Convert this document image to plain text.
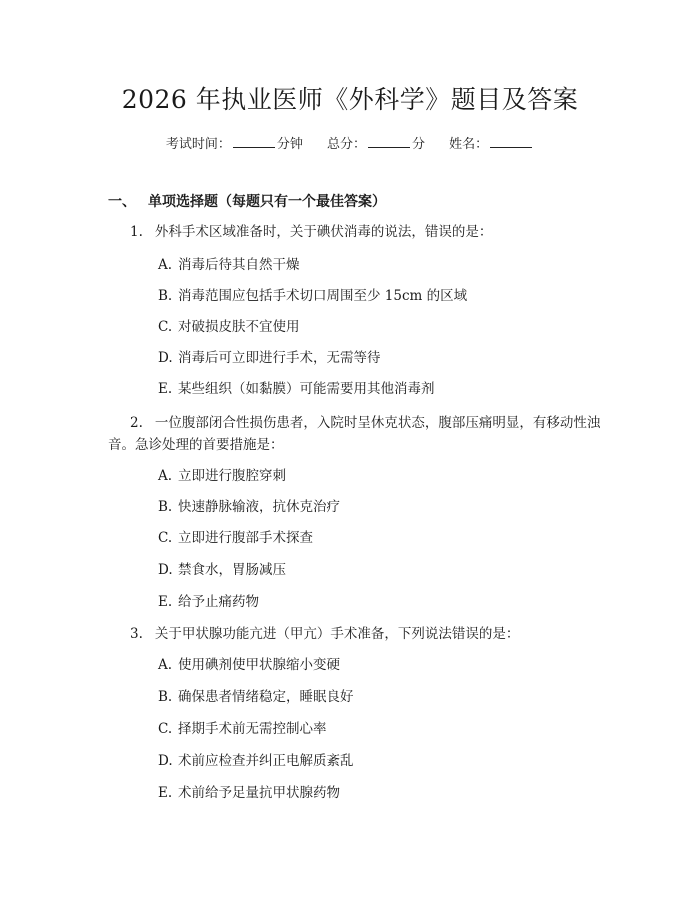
2026 年执业医师《外科学》题目及答案
考试时间：	分钟 总分：	分 姓名：
一、 单项选择题（每题只有一个最佳答案）
1. 外科手术区域准备时，关于碘伏消毒的说法，错误的是：
A. 消毒后待其自然干燥
B. 消毒范围应包括手术切口周围至少 15cm 的区域
C. 对破损皮肤不宜使用
D. 消毒后可立即进行手术，无需等待
E. 某些组织（如黏膜）可能需要用其他消毒剂
2. 一位腹部闭合性损伤患者，入院时呈休克状态，腹部压痛明显，有移动性浊音。急诊处理的首要措施是：
A. 立即进行腹腔穿刺
B. 快速静脉输液，抗休克治疗
C. 立即进行腹部手术探查
D. 禁食水，胃肠减压
E. 给予止痛药物
3. 关于甲状腺功能亢进（甲亢）手术准备，下列说法错误的是：
A. 使用碘剂使甲状腺缩小变硬
B. 确保患者情绪稳定，睡眠良好
C. 择期手术前无需控制心率
D. 术前应检查并纠正电解质紊乱
E. 术前给予足量抗甲状腺药物
